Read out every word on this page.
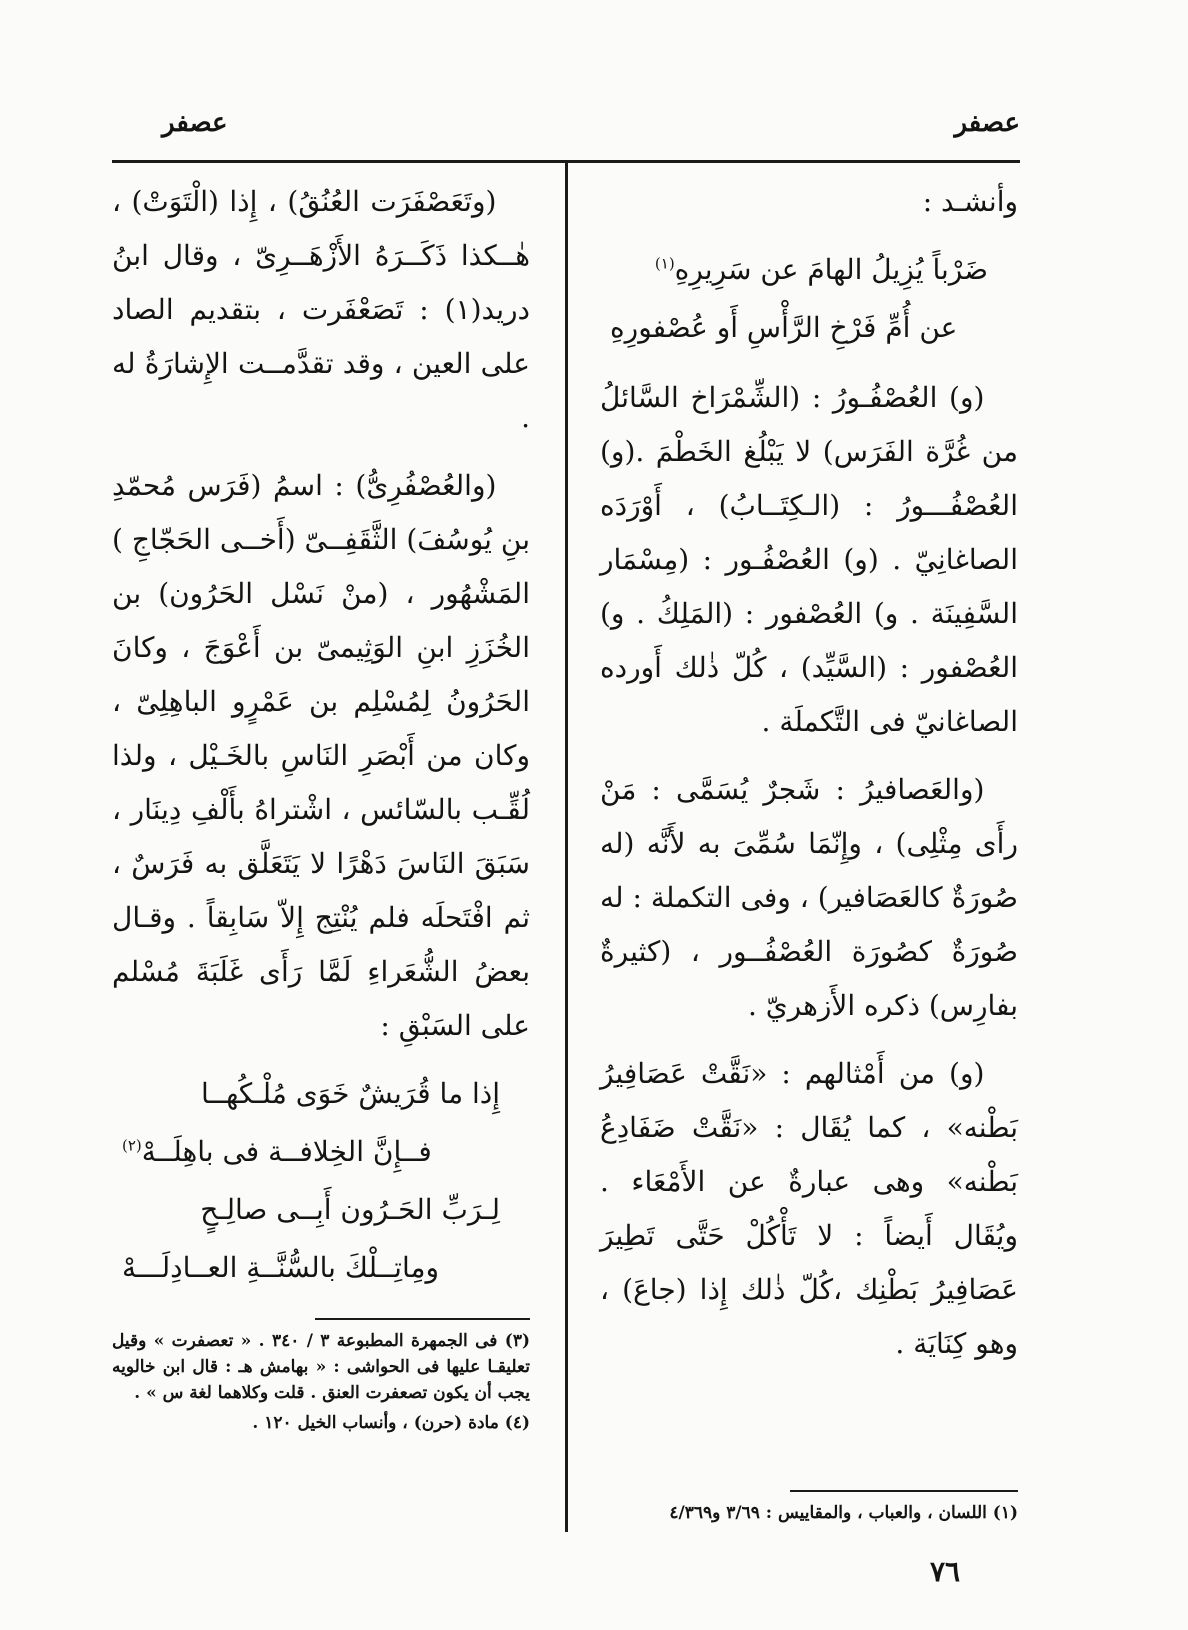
عصفر
عصفر

وأنشـد :

ضَرْباً يُزِيلُ الهامَ عن سَرِيرِهِ$^{(١)}$
عن أُمِّ فَرْخِ الرَّأْسِ أَو عُصْفورِهِ

(و) العُصْفُـورُ : (الشِّمْرَاخ السَّائلُ من غُرَّة الفَرَس) لا يَبْلُغ الخَطْمَ .(و) العُصْفُـــورُ : (الـكِتَــابُ) ، أَوْرَدَه الصاغانِيّ . (و) العُصْفُـور : (مِسْمَار السَّفِينَة . و) العُصْفور : (المَلِكُ . و) العُصْفور : (السَّيِّد) ، كُلّ ذٰلك أَورده الصاغانيّ فى التَّكملَة .

(والعَصافيرُ : شَجرٌ يُسَمَّى : مَنْ رأَى مِثْلِى) ، وإِنّمَا سُمِّىَ به لأَنَّه (له صُورَةٌ كالعَصَافير) ، وفى التكملة : له صُورَةٌ كصُورَة العُصْفُــور ، (كثيرةٌ بفارِس) ذكره الأَزهريّ .

(و) من أَمْثالهم : «نَقَّتْ عَصَافِيرُ بَطْنه» ، كما يُقَال : «نَقَّتْ ضَفَادِعُ بَطْنه» وهى عبارةٌ عن الأَمْعَاء . ويُقَال أَيضاً : لا تَأْكُلْ حَتَّى تَطِيرَ عَصَافِيرُ بَطْنِك ،كُلّ ذٰلك إِذا (جاعَ) ، وهو كِنَايَة .

(وتَعَصْفَرَت العُنُقُ) ، إِذا (الْتَوَتْ) ، هٰــكذا ذَكَــرَهُ الأَزْهَــرِىّ ، وقال ابنُ دريد(١) : تَصَعْفَرت ، بتقديم الصاد على العين ، وقد تقدَّمــت الإِشارَةُ له .

(والعُصْفُرِىُّ) : اسمُ (فَرَس مُحمّدِ بنِ يُوسُفَ) الثَّقَفِــىّ (أَخــى الحَجّاجِ ) المَشْهُور ، (منْ نَسْل الحَرُون) بن الخُزَزِ ابنِ الوَثِيمىّ بن أَعْوَجَ ، وكانَ الحَرُونُ لِمُسْلِم بن عَمْرٍو الباهِلِىّ ، وكان من أَبْصَرِ النَاسِ بالخَـيْل ، ولذا لُقِّـب بالسّائس ، اشْتراهُ بأَلْفِ دِينَار ، سَبَقَ النَاسَ دَهْرًا لا يَتَعَلَّق به فَرَسٌ ، ثم افْتَحلَه فلم يُنْتِج إِلاّ سَابِقاً . وقـال بعضُ الشُّعَراءِ لَمَّا رَأَى غَلَبَةَ مُسْلم على السَبْقِ :

إِذا ما قُرَيشٌ خَوَى مُلْـكُهــا
فــإِنَّ الخِلافــة فى باهِلَــهْ$^{(٢)}$
لِـرَبِّ الحَـرُون أَبِــى صالِـحٍ
ومِاتِــلْكَ بالسُّنَّــةِ العــادِلَـــهْ

(٣) فى الجمهرة المطبوعة ٣ / ٣٤٠ . « تعصفرت » وقيل تعليقـا عليها فى الحواشى : « بهامش هـ : قال ابن خالويه يجب أن يكون تصعفرت العنق . قلت وكلاهما لغة س » .

(٤) مادة (حرن) ، وأنساب الخيل ١٢٠ .

(١) اللسان ، والعباب ، والمقاييس : ٣/٦٩ و٤/٣٦٩

٧٦
